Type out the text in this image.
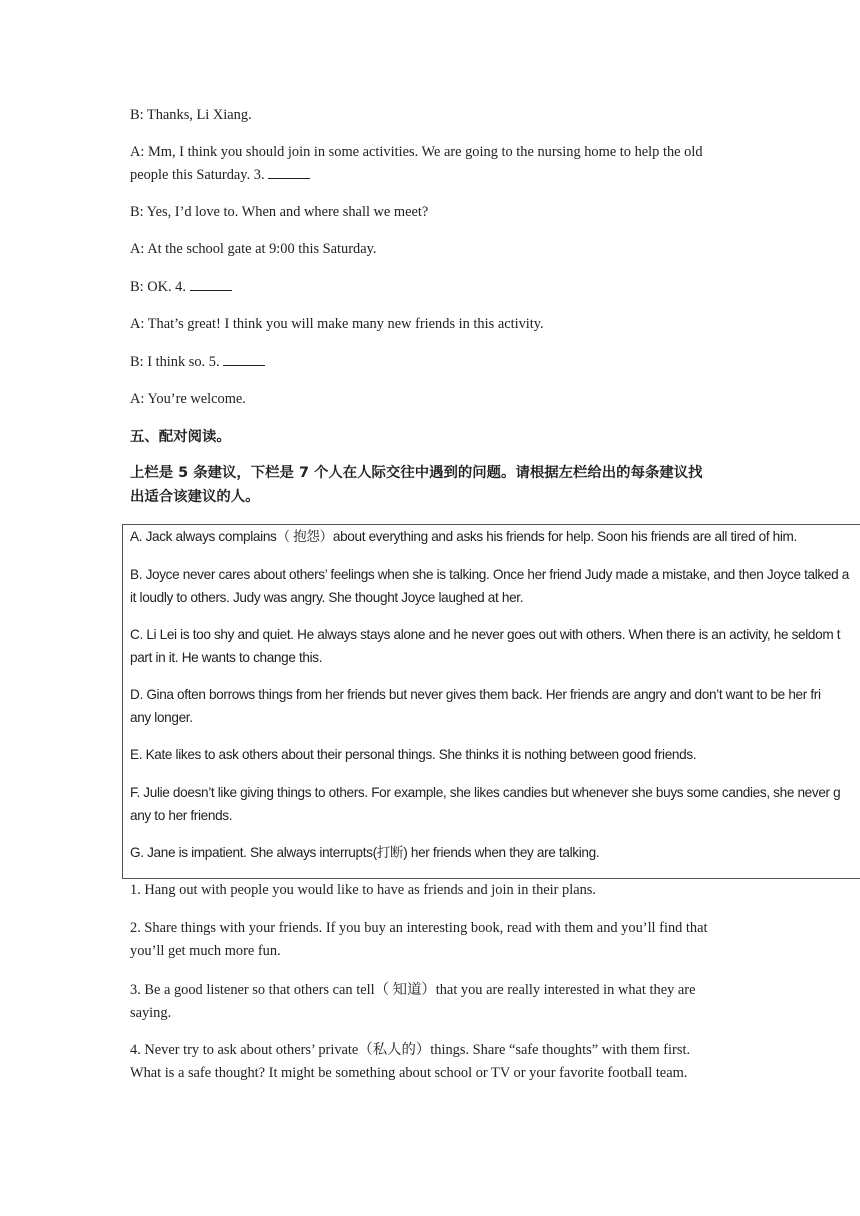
B: Thanks, Li Xiang.

A: Mm, I think you should join in some activities. We are going to the nursing home to help the old
people this Saturday. 3.

B: Yes, I’d love to. When and where shall we meet?

A: At the school gate at 9:00 this Saturday.

B: OK. 4.

A: That’s great! I think you will make many new friends in this activity.

B: I think so. 5.

A: You’re welcome.

五、配对阅读。

上栏是 5 条建议，下栏是 7 个人在人际交往中遇到的问题。请根据左栏给出的每条建议找
出适合该建议的人。

A. Jack always complains（ 抱怨）about everything and asks his friends for help. Soon his friends are all tired of him.

B. Joyce never cares about others’ feelings when she is talking. Once her friend Judy made a mistake, and then Joyce talked a
it loudly to others. Judy was angry. She thought Joyce laughed at her.

C. Li Lei is too shy and quiet. He always stays alone and he never goes out with others. When there is an activity, he seldom t
part in it. He wants to change this.

D. Gina often borrows things from her friends but never gives them back. Her friends are angry and don’t want to be her fri
any longer.

E. Kate likes to ask others about their personal things. She thinks it is nothing between good friends.

F. Julie doesn’t like giving things to others. For example, she likes candies but whenever she buys some candies, she never g
any to her friends.

G. Jane is impatient. She always interrupts(打断) her friends when they are talking.

1. Hang out with people you would like to have as friends and join in their plans.

2. Share things with your friends. If you buy an interesting book, read with them and you’ll find that
you’ll get much more fun.

3. Be a good listener so that others can tell（ 知道）that you are really interested in what they are
saying.

4. Never try to ask about others’ private（私人的）things. Share “safe thoughts” with them first.
What is a safe thought? It might be something about school or TV or your favorite football team.
